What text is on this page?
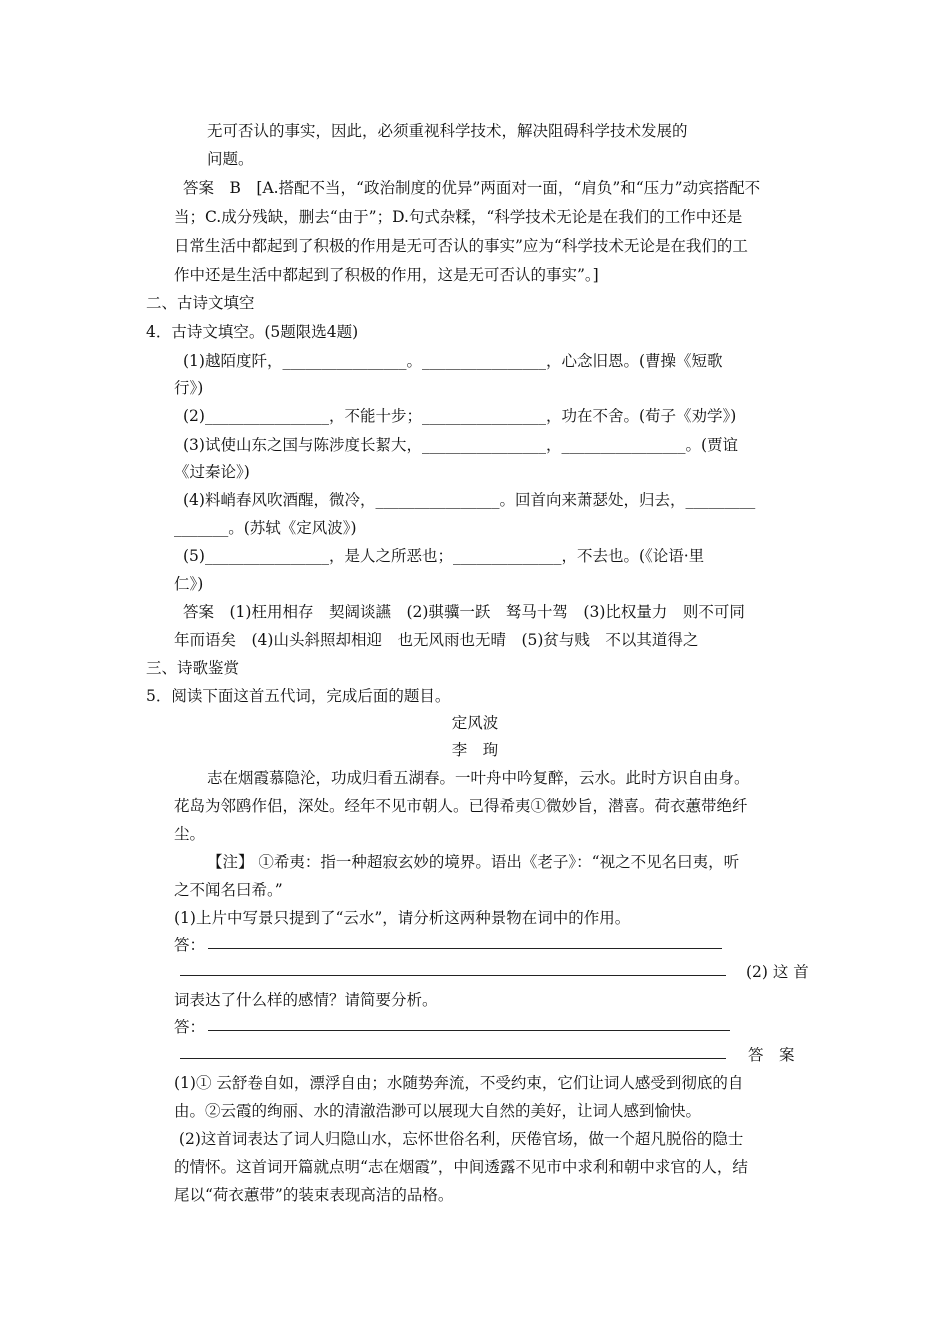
无可否认的事实，因此，必须重视科学技术，解决阻碍科学技术发展的
问题。
答案　B　[A.搭配不当，“政治制度的优异”两面对一面，“肩负”和“压力”动宾搭配不
当；C.成分残缺，删去“由于”；D.句式杂糅，“科学技术无论是在我们的工作中还是
日常生活中都起到了积极的作用是无可否认的事实”应为“科学技术无论是在我们的工
作中还是生活中都起到了积极的作用，这是无可否认的事实”。]
二、古诗文填空
4．古诗文填空。(5题限选4题)
(1)越陌度阡，________________。________________，心念旧恩。(曹操《短歌
行》)
(2)________________，不能十步；________________，功在不舍。(荀子《劝学》)
(3)试使山东之国与陈涉度长絜大，________________，________________。(贾谊
《过秦论》)
(4)料峭春风吹酒醒，微冷，________________。回首向来萧瑟处，归去，_________
_______。(苏轼《定风波》)
(5)________________，是人之所恶也；______________，不去也。(《论语·里
仁》)
答案　(1)枉用相存　契阔谈讌　(2)骐骥一跃　驽马十驾　(3)比权量力　则不可同
年而语矣　(4)山头斜照却相迎　也无风雨也无晴　(5)贫与贱　不以其道得之
三、诗歌鉴赏
5．阅读下面这首五代词，完成后面的题目。
定风波
李　珣
志在烟霞慕隐沦，功成归看五湖春。一叶舟中吟复醉，云水。此时方识自由身。
花岛为邻鸥作侣，深处。经年不见市朝人。已得希夷①微妙旨，潜喜。荷衣蕙带绝纤
尘。
【注】 ①希夷：指一种超寂玄妙的境界。语出《老子》：“视之不见名曰夷，听
之不闻名曰希。”
(1)上片中写景只提到了“云水”，请分析这两种景物在词中的作用。
答：
(2) 这 首
词表达了什么样的感情？请简要分析。
答：
答　案
(1)① 云舒卷自如，漂浮自由；水随势奔流，不受约束，它们让词人感受到彻底的自
由。②云霞的绚丽、水的清澈浩渺可以展现大自然的美好，让词人感到愉快。
(2)这首词表达了词人归隐山水，忘怀世俗名利，厌倦官场，做一个超凡脱俗的隐士
的情怀。这首词开篇就点明“志在烟霞”，中间透露不见市中求利和朝中求官的人，结
尾以“荷衣蕙带”的装束表现高洁的品格。
